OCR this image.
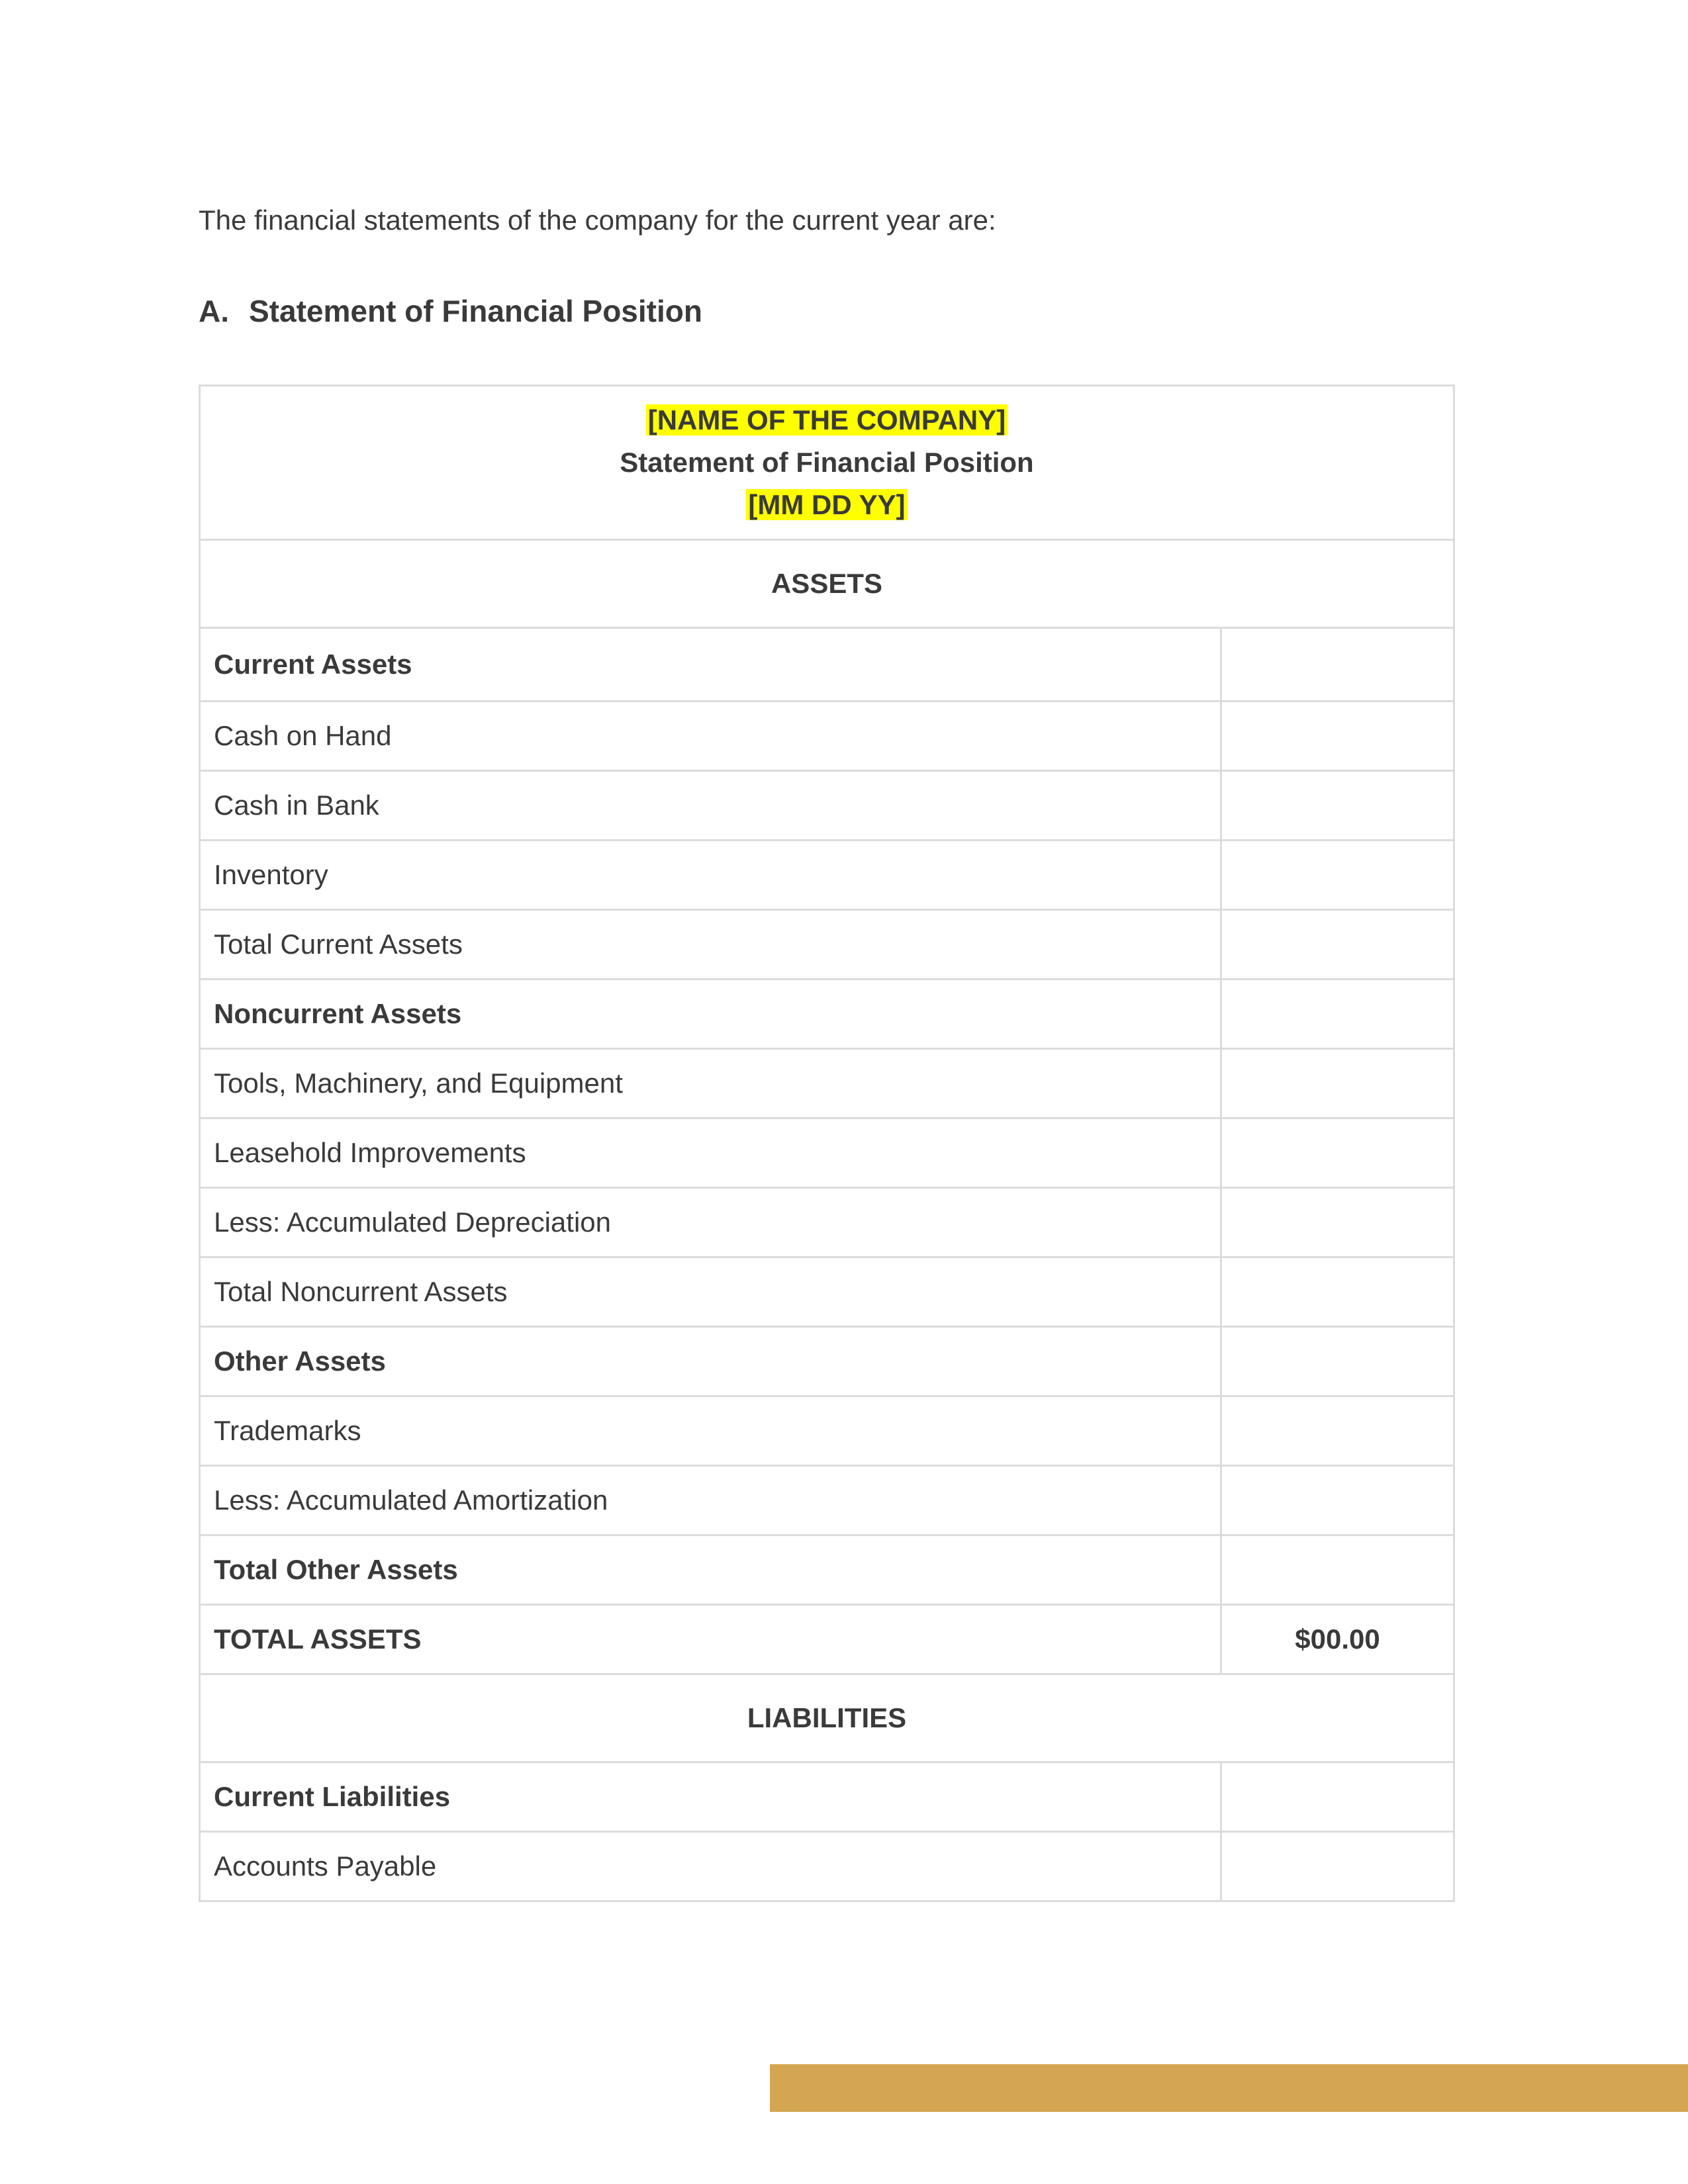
The financial statements of the company for the current year are:
A. Statement of Financial Position
[NAME OF THE COMPANY]
Statement of Financial Position
[MM DD YY]	

ASSETS	
Current Assets	
Cash on Hand	
Cash in Bank	
Inventory	
Total Current Assets	
Noncurrent Assets	
Tools, Machinery, and Equipment	
Leasehold Improvements	
Less: Accumulated Depreciation	
Total Noncurrent Assets	
Other Assets	
Trademarks	
Less: Accumulated Amortization	
Total Other Assets	
TOTAL ASSETS	$00.00
LIABILITIES	
Current Liabilities	
Accounts Payable	
